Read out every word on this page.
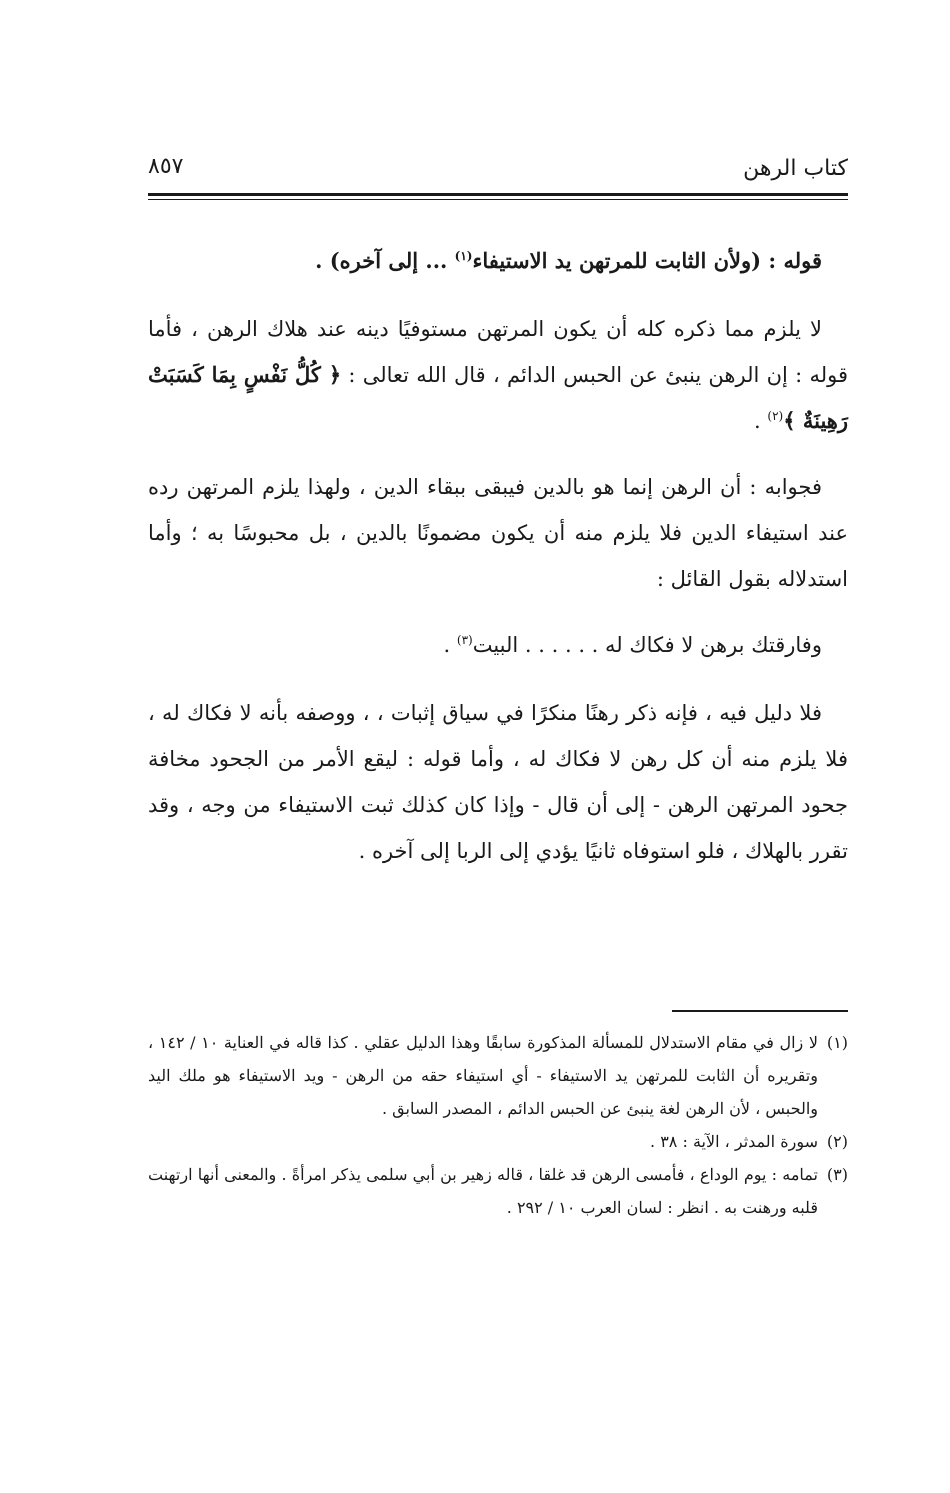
كتاب الرهن
٨٥٧

قوله : (ولأن الثابت للمرتهن يد الاستيفاء$^{(١)}$ ... إلى آخره) .

لا يلزم مما ذكره كله أن يكون المرتهن مستوفيًا دينه عند هلاك الرهن ، فأما قوله : إن الرهن ينبئ عن الحبس الدائم ، قال الله تعالى : ﴿ كُلُّ نَفْسٍ بِمَا كَسَبَتْ رَهِينَةٌ ﴾$^{(٢)}$ .

فجوابه : أن الرهن إنما هو بالدين فيبقى ببقاء الدين ، ولهذا يلزم المرتهن رده عند استيفاء الدين فلا يلزم منه أن يكون مضمونًا بالدين ، بل محبوسًا به ؛ وأما استدلاله بقول القائل :

وفارقتك برهن لا فكاك له . . . . . . البيت$^{(٣)}$ .

فلا دليل فيه ، فإنه ذكر رهنًا منكرًا في سياق إثبات ، ، ووصفه بأنه لا فكاك له ، فلا يلزم منه أن كل رهن لا فكاك له ، وأما قوله : ليقع الأمر من الجحود مخافة جحود المرتهن الرهن - إلى أن قال - وإذا كان كذلك ثبت الاستيفاء من وجه ، وقد تقرر بالهلاك ، فلو استوفاه ثانيًا يؤدي إلى الربا إلى آخره .

(١)
لا زال في مقام الاستدلال للمسألة المذكورة سابقًا وهذا الدليل عقلي . كذا قاله في العناية ١٠ / ١٤٢ ، وتقريره أن الثابت للمرتهن يد الاستيفاء - أي استيفاء حقه من الرهن - ويد الاستيفاء هو ملك اليد والحبس ، لأن الرهن لغة ينبئ عن الحبس الدائم ، المصدر السابق .

(٢)
سورة المدثر ، الآية : ٣٨ .

(٣)
تمامه : يوم الوداع ، فأمسى الرهن قد غلقا ، قاله زهير بن أبي سلمى يذكر امرأةً . والمعنى أنها ارتهنت قلبه ورهنت به . انظر : لسان العرب ١٠ / ٢٩٢ .
